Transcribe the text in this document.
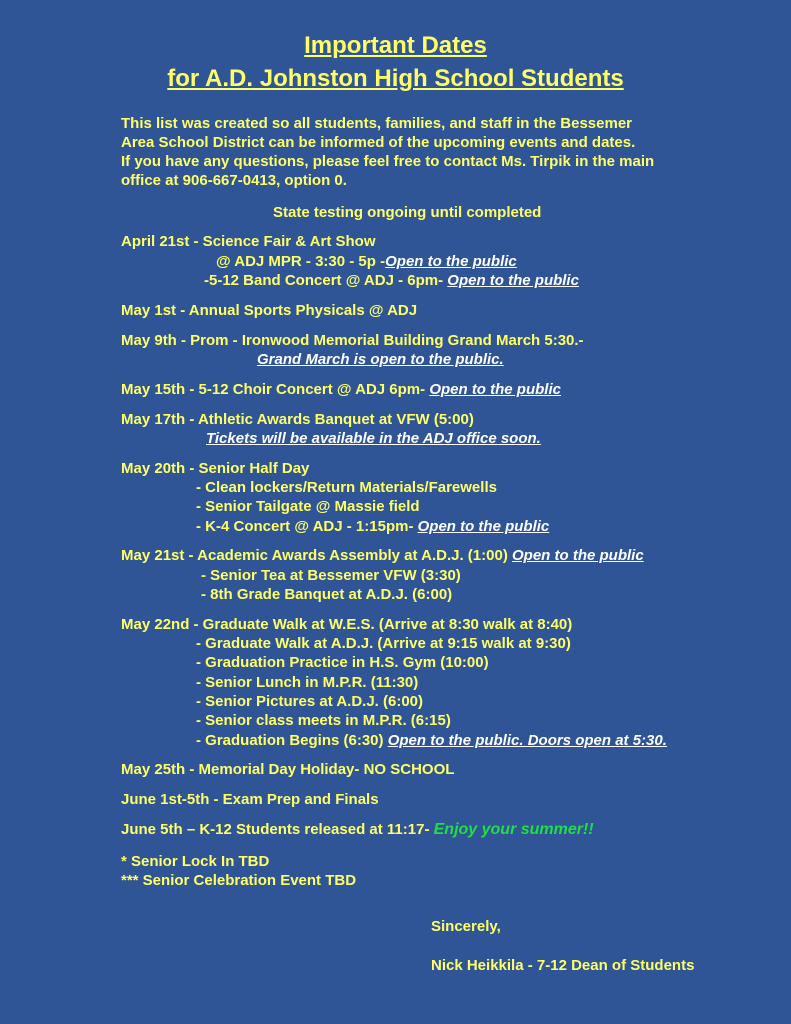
Important Dates
for A.D. Johnston High School Students
This list was created so all students, families, and staff in the Bessemer
Area School District can be informed of the upcoming events and dates.
If you have any questions, please feel free to contact Ms. Tirpik in the main
office at 906-667-0413, option 0.
State testing ongoing until completed
April 21st - Science Fair & Art Show
@ ADJ MPR - 3:30 - 5p -Open to the public
-5-12 Band Concert @ ADJ - 6pm- Open to the public
May 1st - Annual Sports Physicals @ ADJ
May 9th - Prom - Ironwood Memorial Building Grand March 5:30.-
Grand March is open to the public.
May 15th - 5-12 Choir Concert @ ADJ 6pm- Open to the public
May 17th - Athletic Awards Banquet at VFW (5:00)
Tickets will be available in the ADJ office soon.
May 20th - Senior Half Day
- Clean lockers/Return Materials/Farewells
- Senior Tailgate @ Massie field
- K-4 Concert @ ADJ - 1:15pm- Open to the public
May 21st - Academic Awards Assembly at A.D.J. (1:00) Open to the public
- Senior Tea at Bessemer VFW (3:30)
- 8th Grade Banquet at A.D.J. (6:00)
May 22nd - Graduate Walk at W.E.S. (Arrive at 8:30 walk at 8:40)
- Graduate Walk at A.D.J. (Arrive at 9:15 walk at 9:30)
- Graduation Practice in H.S. Gym (10:00)
- Senior Lunch in M.P.R. (11:30)
- Senior Pictures at A.D.J. (6:00)
- Senior class meets in M.P.R. (6:15)
- Graduation Begins (6:30) Open to the public. Doors open at 5:30.
May 25th - Memorial Day Holiday- NO SCHOOL
June 1st-5th - Exam Prep and Finals
June 5th – K-12 Students released at 11:17- Enjoy your summer!!
* Senior Lock In TBD
*** Senior Celebration Event TBD
Sincerely,
Nick Heikkila - 7-12 Dean of Students
